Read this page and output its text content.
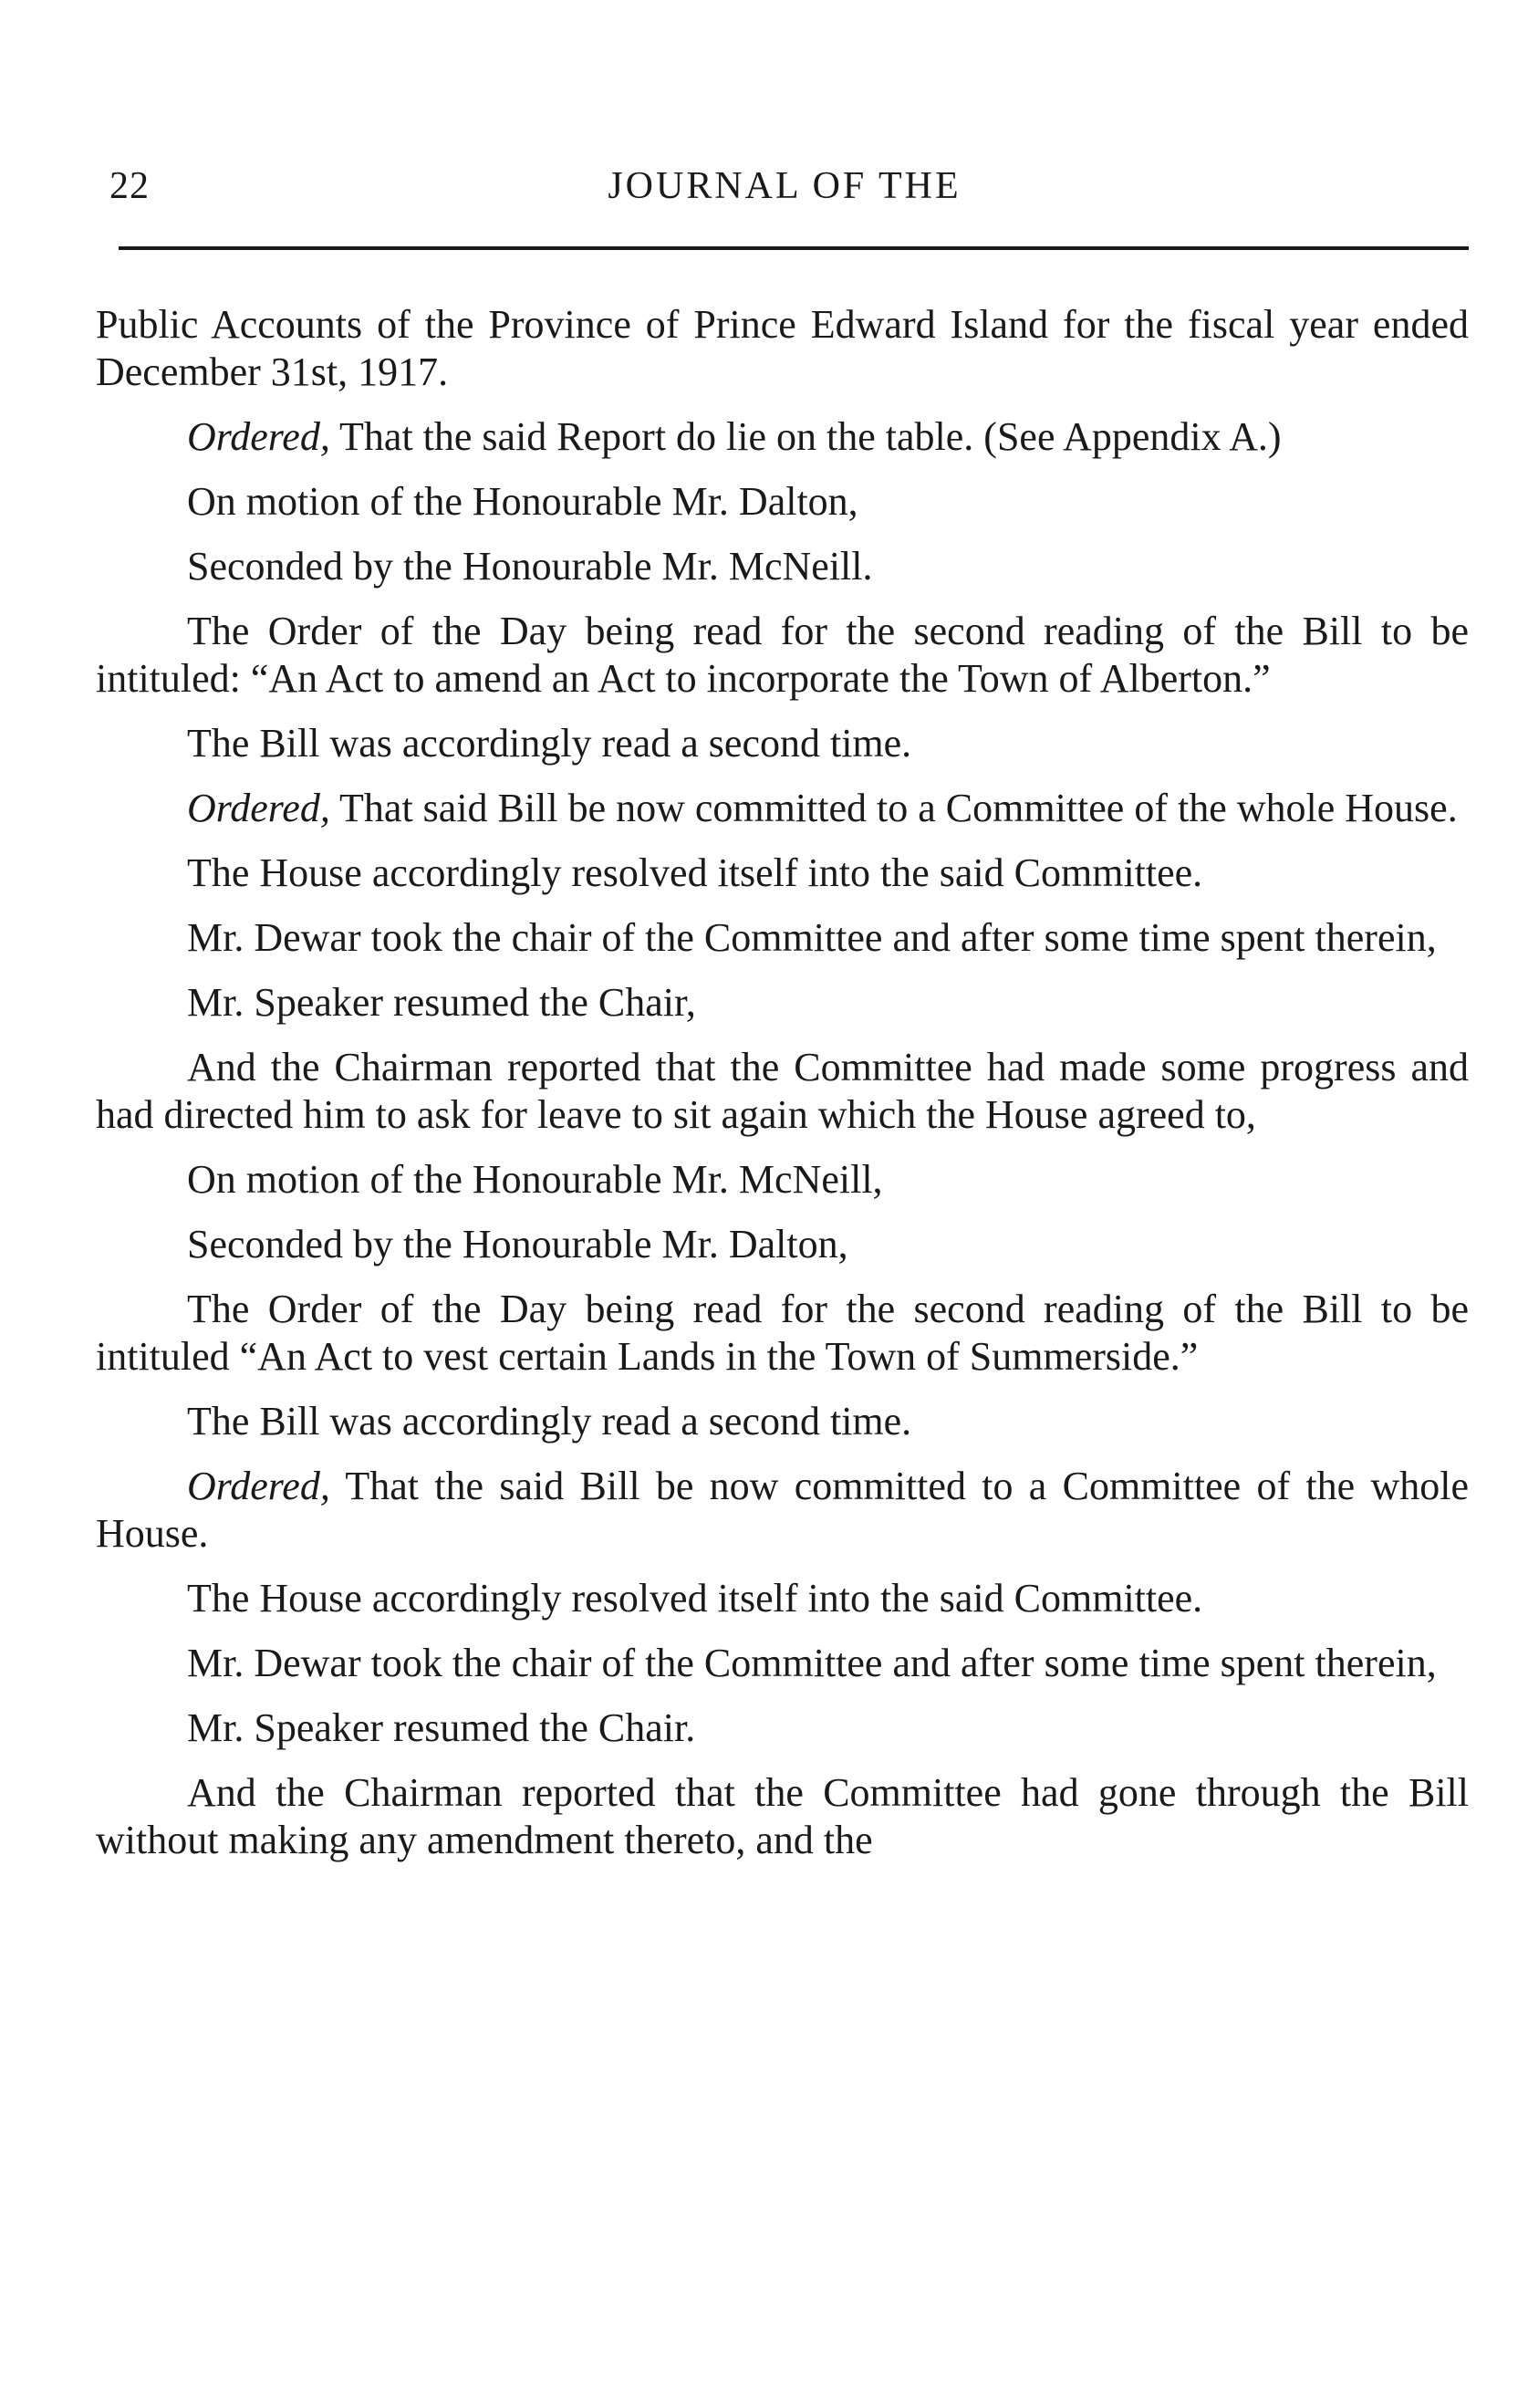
22	JOURNAL OF THE

Public Accounts of the Province of Prince Edward Island for the fiscal year ended December 31st, 1917.

Ordered, That the said Report do lie on the table. (See Appendix A.)

On motion of the Honourable Mr. Dalton,

Seconded by the Honourable Mr. McNeill.

The Order of the Day being read for the second reading of the Bill to be intituled: “An Act to amend an Act to incorporate the Town of Alberton.”

The Bill was accordingly read a second time.

Ordered, That said Bill be now committed to a Committee of the whole House.

The House accordingly resolved itself into the said Committee.

Mr. Dewar took the chair of the Committee and after some time spent therein,

Mr. Speaker resumed the Chair,

And the Chairman reported that the Committee had made some progress and had directed him to ask for leave to sit again which the House agreed to,

On motion of the Honourable Mr. McNeill,

Seconded by the Honourable Mr. Dalton,

The Order of the Day being read for the second reading of the Bill to be intituled “An Act to vest certain Lands in the Town of Summerside.”

The Bill was accordingly read a second time.

Ordered, That the said Bill be now committed to a Committee of the whole House.

The House accordingly resolved itself into the said Committee.

Mr. Dewar took the chair of the Committee and after some time spent therein,

Mr. Speaker resumed the Chair.

And the Chairman reported that the Committee had gone through the Bill without making any amendment thereto, and the
